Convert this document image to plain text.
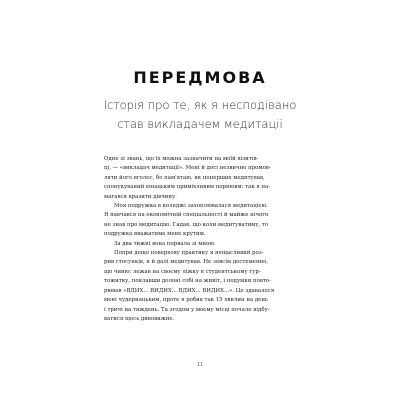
ПЕРЕДМОВА
Історія про те, як я несподівано
став викладачем медитації
Одне зі звань, що їх можна зазначити на моїй візитів-
ці, — «викладач медитації». Мені й досі незвично промов-
ляти його вголос, бо пам'ятаю, як поперших медитував,
спонукуваний юнацьким приміхливим порнювм: так я на-
магався вразити дівчину.
Моя подружка в коледжі захоплювалася медитацією.
Я навчався на економічній спеціальності й майже нічого
не знав про медитацію. Гадав, що коли медитуватиму, то
подружка вважатиме мене крутим.
За два тижні вона порвала зі мною.
Попри дещо поверхову практику я нещасливий роз-
рив стосунків, я й далі медитував. Не зовсім достеменно,
що чиню: лежав на своєму ліжку в студентському гур-
тожитку, поклавши долоні собі на живіт, і подумки повто-
рював «ВДИХ... ВИДИХ... ВДИХ... ВИДИХ...». Це здавалося
мені чудернацьким, проте я робив так 15 хвилин на день
і тричі на тиждень. Та згодом у моєму місці почало відбу-
ватися щось дивовижне.
11
